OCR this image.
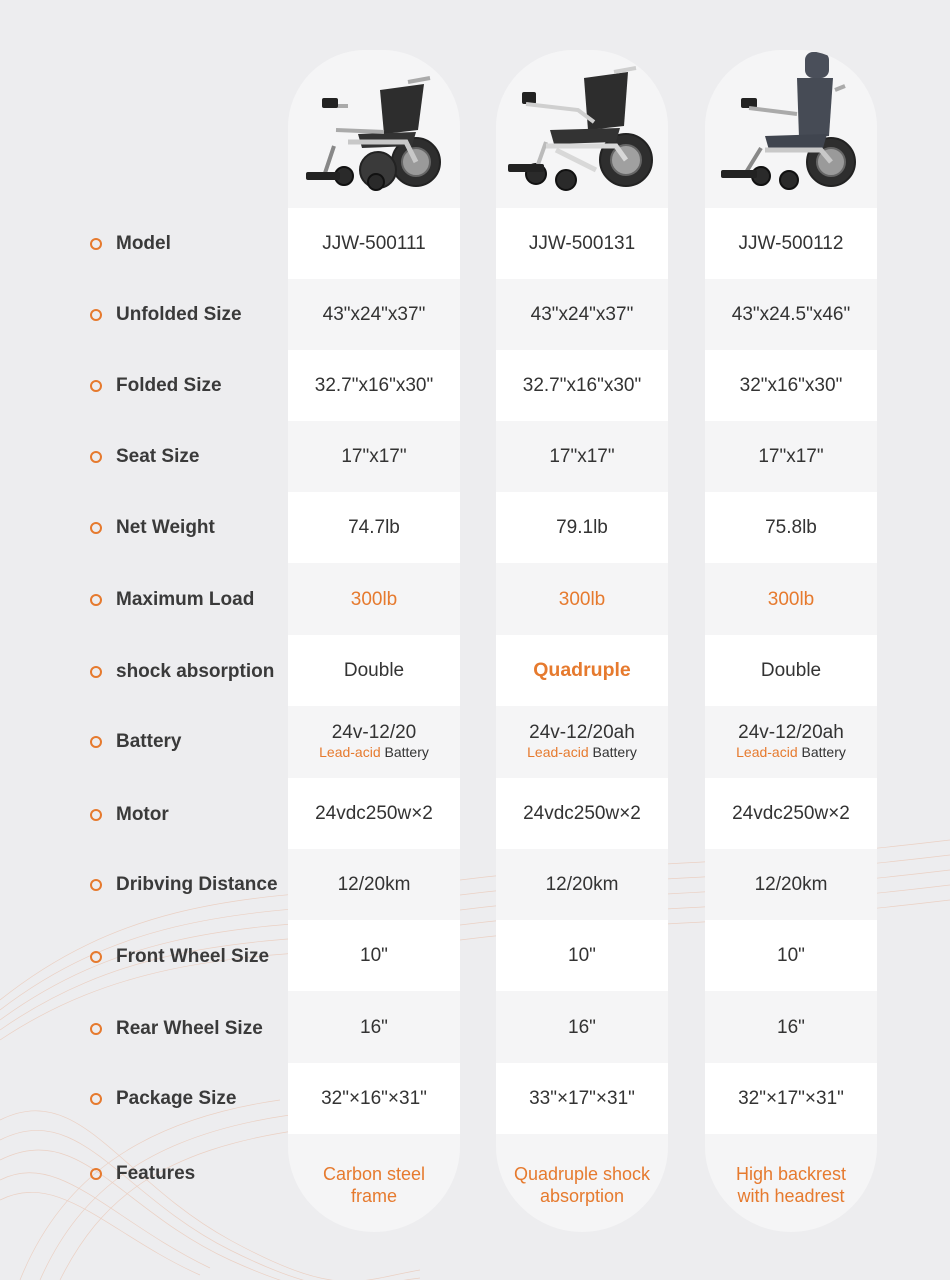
Model
Unfolded Size
Folded Size
Seat Size
Net Weight
Maximum Load
shock absorption
Battery
Motor
Dribving Distance
Front Wheel Size
Rear Wheel Size
Package Size
Features
JJW-500111
43"x24"x37"
32.7"x16"x30"
17"x17"
74.7lb
300lb
Double
24v-12/20
Lead-acid Battery
24vdc250w×2
12/20km
10"
16"
32"×16"×31"
Carbon steel
frame
JJW-500131
43"x24"x37"
32.7"x16"x30"
17"x17"
79.1lb
300lb
Quadruple
24v-12/20ah
Lead-acid Battery
24vdc250w×2
12/20km
10"
16"
33"×17"×31"
Quadruple shock
absorption
JJW-500112
43"x24.5"x46"
32"x16"x30"
17"x17"
75.8lb
300lb
Double
24v-12/20ah
Lead-acid Battery
24vdc250w×2
12/20km
10"
16"
32"×17"×31"
High backrest
with headrest
